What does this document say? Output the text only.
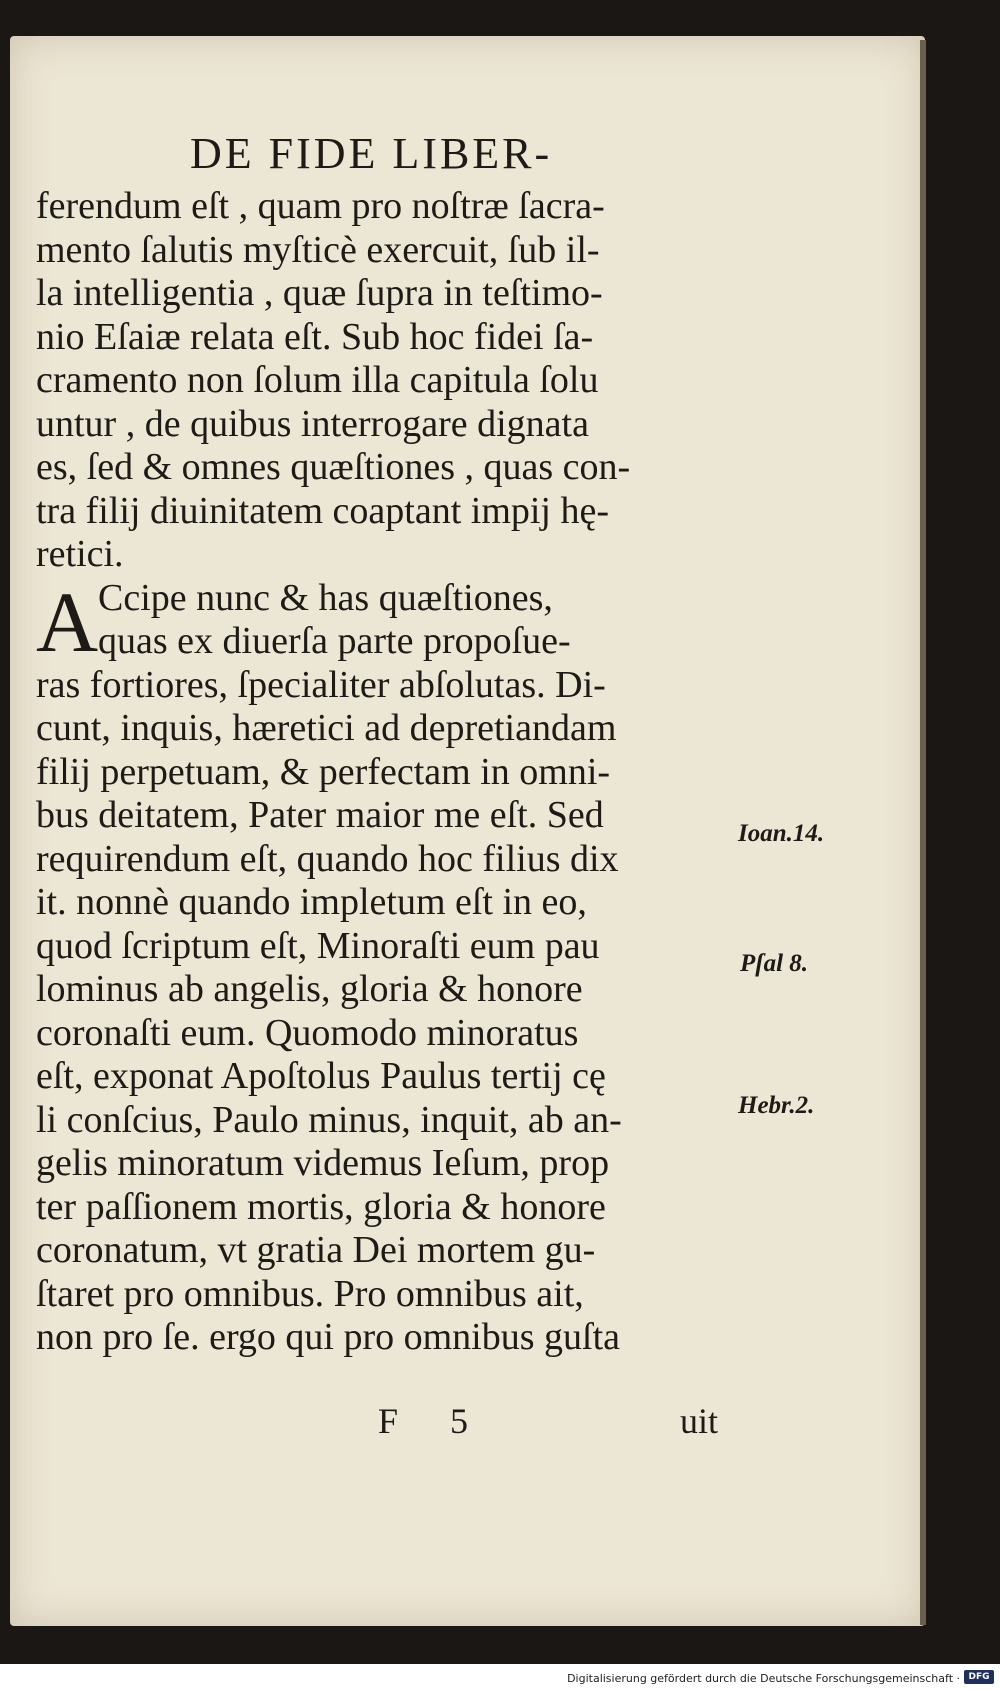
DE FIDE LIBER-
ferendum eſt , quam pro noſtræ ſacra-
mento ſalutis myſticè exercuit, ſub il-
la intelligentia , quæ ſupra in teſtimo-
nio Eſaiæ relata eſt. Sub hoc fidei ſa-
cramento non ſolum illa capitula ſolu
untur , de quibus interrogare dignata
es, ſed & omnes quæſtiones , quas con-
tra filij diuinitatem coaptant impij hę-
retici.
A Ccipe nunc & has quæſtiones,
quas ex diuerſa parte propoſue-
ras fortiores, ſpecialiter abſolutas. Di-
cunt, inquis, hæretici ad depretiandam
filij perpetuam, & perfectam in omni-
bus deitatem, Pater maior me eſt. Sed
requirendum eſt, quando hoc filius dix
it. nonnè quando impletum eſt in eo,
quod ſcriptum eſt, Minoraſti eum pau
lominus ab angelis, gloria & honore
coronaſti eum. Quomodo minoratus
eſt, exponat Apoſtolus Paulus tertij cę
li conſcius, Paulo minus, inquit, ab an-
gelis minoratum videmus Ieſum, prop
ter paſſionem mortis, gloria & honore
coronatum, vt gratia Dei mortem gu-
ſtaret pro omnibus. Pro omnibus ait,
non pro ſe. ergo qui pro omnibus guſta
Ioan.14.
Pſal 8.
Hebr.2.
F 5	uit
Digitalisierung gefördert durch die Deutsche Forschungsgemeinschaft · DFG
